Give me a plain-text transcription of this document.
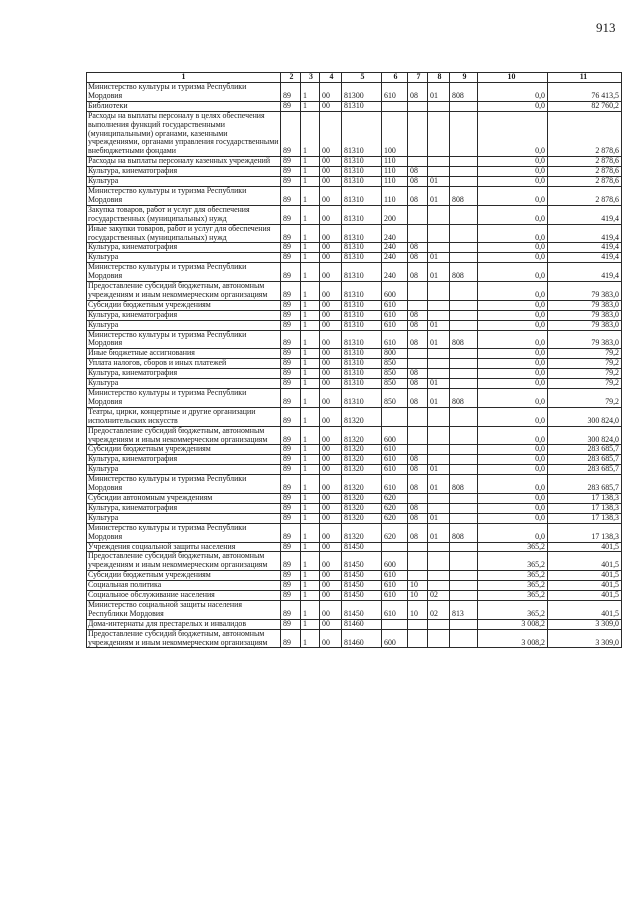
913
1	2	3	4	5	6	7	8	9	10	11
Министерство культуры и туризма Республики Мордовия	89	1	00	81300	610	08	01	808	0,0	76 413,5
Библиотеки	89	1	00	81310					0,0	82 760,2
Расходы на выплаты персоналу в целях обеспечения выполнения функций государственными (муниципальными) органами, казенными учреждениями, органами управления государственными внебюджетными фондами	89	1	00	81310	100				0,0	2 878,6
Расходы на выплаты персоналу казенных учреждений	89	1	00	81310	110				0,0	2 878,6
Культура, кинематография	89	1	00	81310	110	08			0,0	2 878,6
Культура	89	1	00	81310	110	08	01		0,0	2 878,6
Министерство культуры и туризма Республики Мордовия	89	1	00	81310	110	08	01	808	0,0	2 878,6
Закупка товаров, работ и услуг для обеспечения государственных (муниципальных) нужд	89	1	00	81310	200				0,0	419,4
Иные закупки товаров, работ и услуг для обеспечения государственных (муниципальных) нужд	89	1	00	81310	240				0,0	419,4
Культура, кинематография	89	1	00	81310	240	08			0,0	419,4
Культура	89	1	00	81310	240	08	01		0,0	419,4
Министерство культуры и туризма Республики Мордовия	89	1	00	81310	240	08	01	808	0,0	419,4
Предоставление субсидий бюджетным, автономным учреждениям и иным некоммерческим организациям	89	1	00	81310	600				0,0	79 383,0
Субсидии бюджетным учреждениям	89	1	00	81310	610				0,0	79 383,0
Культура, кинематография	89	1	00	81310	610	08			0,0	79 383,0
Культура	89	1	00	81310	610	08	01		0,0	79 383,0
Министерство культуры и туризма Республики Мордовия	89	1	00	81310	610	08	01	808	0,0	79 383,0
Иные бюджетные ассигнования	89	1	00	81310	800				0,0	79,2
Уплата налогов, сборов и иных платежей	89	1	00	81310	850				0,0	79,2
Культура, кинематография	89	1	00	81310	850	08			0,0	79,2
Культура	89	1	00	81310	850	08	01		0,0	79,2
Министерство культуры и туризма Республики Мордовия	89	1	00	81310	850	08	01	808	0,0	79,2
Театры, цирки, концертные и другие организации исполнительских искусств	89	1	00	81320					0,0	300 824,0
Предоставление субсидий бюджетным, автономным учреждениям и иным некоммерческим организациям	89	1	00	81320	600				0,0	300 824,0
Субсидии бюджетным учреждениям	89	1	00	81320	610				0,0	283 685,7
Культура, кинематография	89	1	00	81320	610	08			0,0	283 685,7
Культура	89	1	00	81320	610	08	01		0,0	283 685,7
Министерство культуры и туризма Республики Мордовия	89	1	00	81320	610	08	01	808	0,0	283 685,7
Субсидии автономным учреждениям	89	1	00	81320	620				0,0	17 138,3
Культура, кинематография	89	1	00	81320	620	08			0,0	17 138,3
Культура	89	1	00	81320	620	08	01		0,0	17 138,3
Министерство культуры и туризма Республики Мордовия	89	1	00	81320	620	08	01	808	0,0	17 138,3
Учреждения социальной защиты населения	89	1	00	81450					365,2	401,5
Предоставление субсидий бюджетным, автономным учреждениям и иным некоммерческим организациям	89	1	00	81450	600				365,2	401,5
Субсидии бюджетным учреждениям	89	1	00	81450	610				365,2	401,5
Социальная политика	89	1	00	81450	610	10			365,2	401,5
Социальное обслуживание населения	89	1	00	81450	610	10	02		365,2	401,5
Министерство социальной защиты населения Республики Мордовия	89	1	00	81450	610	10	02	813	365,2	401,5
Дома-интернаты для престарелых и инвалидов	89	1	00	81460					3 008,2	3 309,0
Предоставление субсидий бюджетным, автономным учреждениям и иным некоммерческим организациям	89	1	00	81460	600				3 008,2	3 309,0
